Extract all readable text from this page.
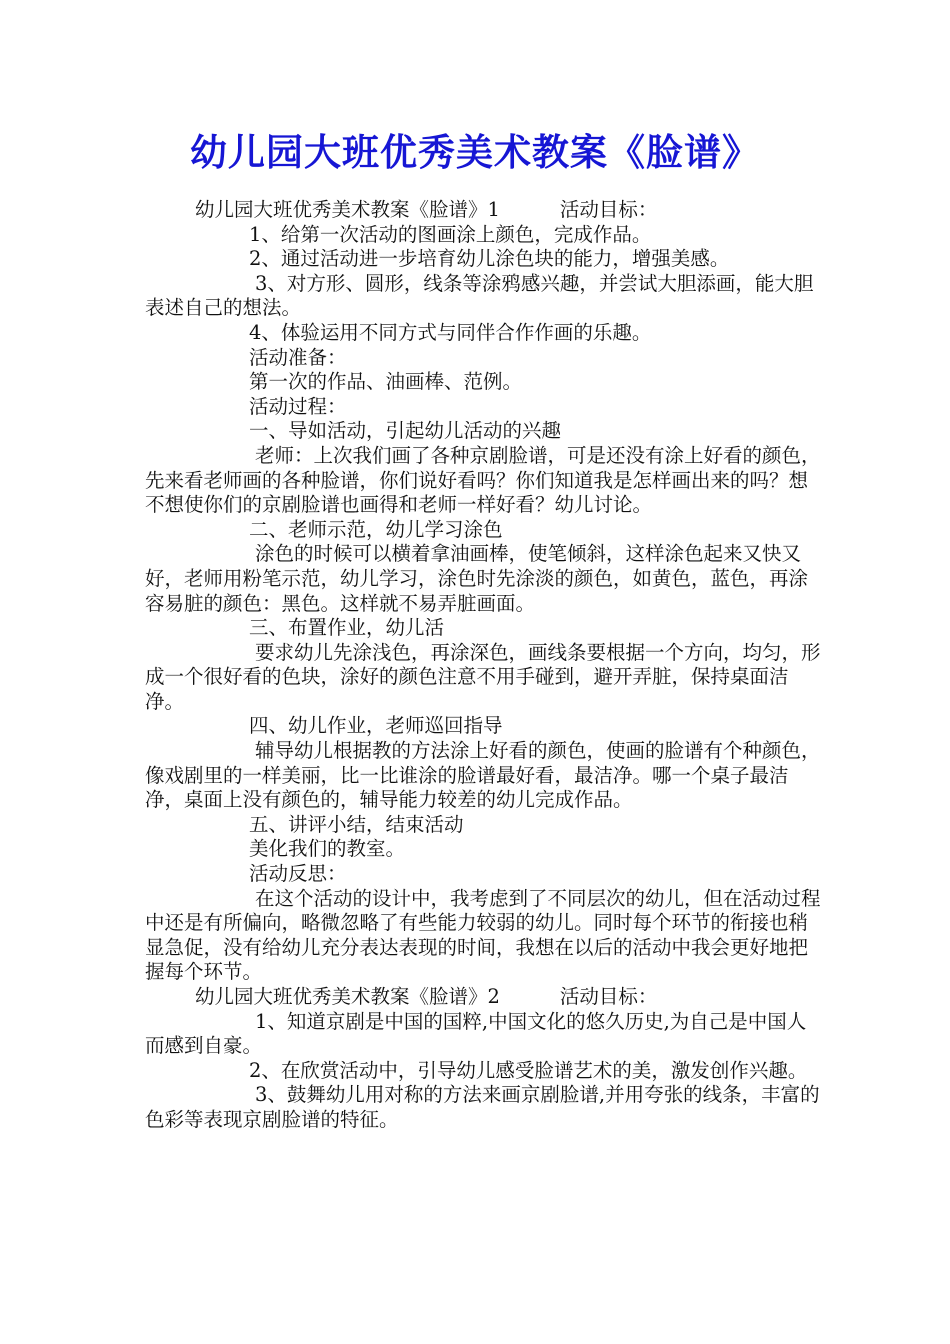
幼儿园大班优秀美术教案《脸谱》

幼儿园大班优秀美术教案《脸谱》1	活动目标：

1、给第一次活动的图画涂上颜色，完成作品。

2、通过活动进一步培育幼儿涂色块的能力，增强美感。

3、对方形、圆形，线条等涂鸦感兴趣，并尝试大胆添画，能大胆表述自己的想法。

4、体验运用不同方式与同伴合作作画的乐趣。

活动准备：

第一次的作品、油画棒、范例。

活动过程：

一、导如活动，引起幼儿活动的兴趣

老师：上次我们画了各种京剧脸谱，可是还没有涂上好看的颜色，先来看老师画的各种脸谱，你们说好看吗？你们知道我是怎样画出来的吗？想不想使你们的京剧脸谱也画得和老师一样好看？幼儿讨论。

二、老师示范，幼儿学习涂色

涂色的时候可以横着拿油画棒，使笔倾斜，这样涂色起来又快又好，老师用粉笔示范，幼儿学习，涂色时先涂淡的颜色，如黄色，蓝色，再涂容易脏的颜色：黑色。这样就不易弄脏画面。

三、布置作业，幼儿活

要求幼儿先涂浅色，再涂深色，画线条要根据一个方向，均匀，形成一个很好看的色块，涂好的颜色注意不用手碰到，避开弄脏，保持桌面洁净。

四、幼儿作业，老师巡回指导

辅导幼儿根据教的方法涂上好看的颜色，使画的脸谱有个种颜色，像戏剧里的一样美丽，比一比谁涂的脸谱最好看，最洁净。哪一个桌子最洁净，桌面上没有颜色的，辅导能力较差的幼儿完成作品。

五、讲评小结，结束活动

美化我们的教室。

活动反思：

在这个活动的设计中，我考虑到了不同层次的幼儿，但在活动过程中还是有所偏向，略微忽略了有些能力较弱的幼儿。同时每个环节的衔接也稍显急促，没有给幼儿充分表达表现的时间，我想在以后的活动中我会更好地把握每个环节。

幼儿园大班优秀美术教案《脸谱》2	活动目标：

1、知道京剧是中国的国粹,中国文化的悠久历史,为自己是中国人而感到自豪。

2、在欣赏活动中，引导幼儿感受脸谱艺术的美，激发创作兴趣。

3、鼓舞幼儿用对称的方法来画京剧脸谱,并用夸张的线条，丰富的色彩等表现京剧脸谱的特征。
